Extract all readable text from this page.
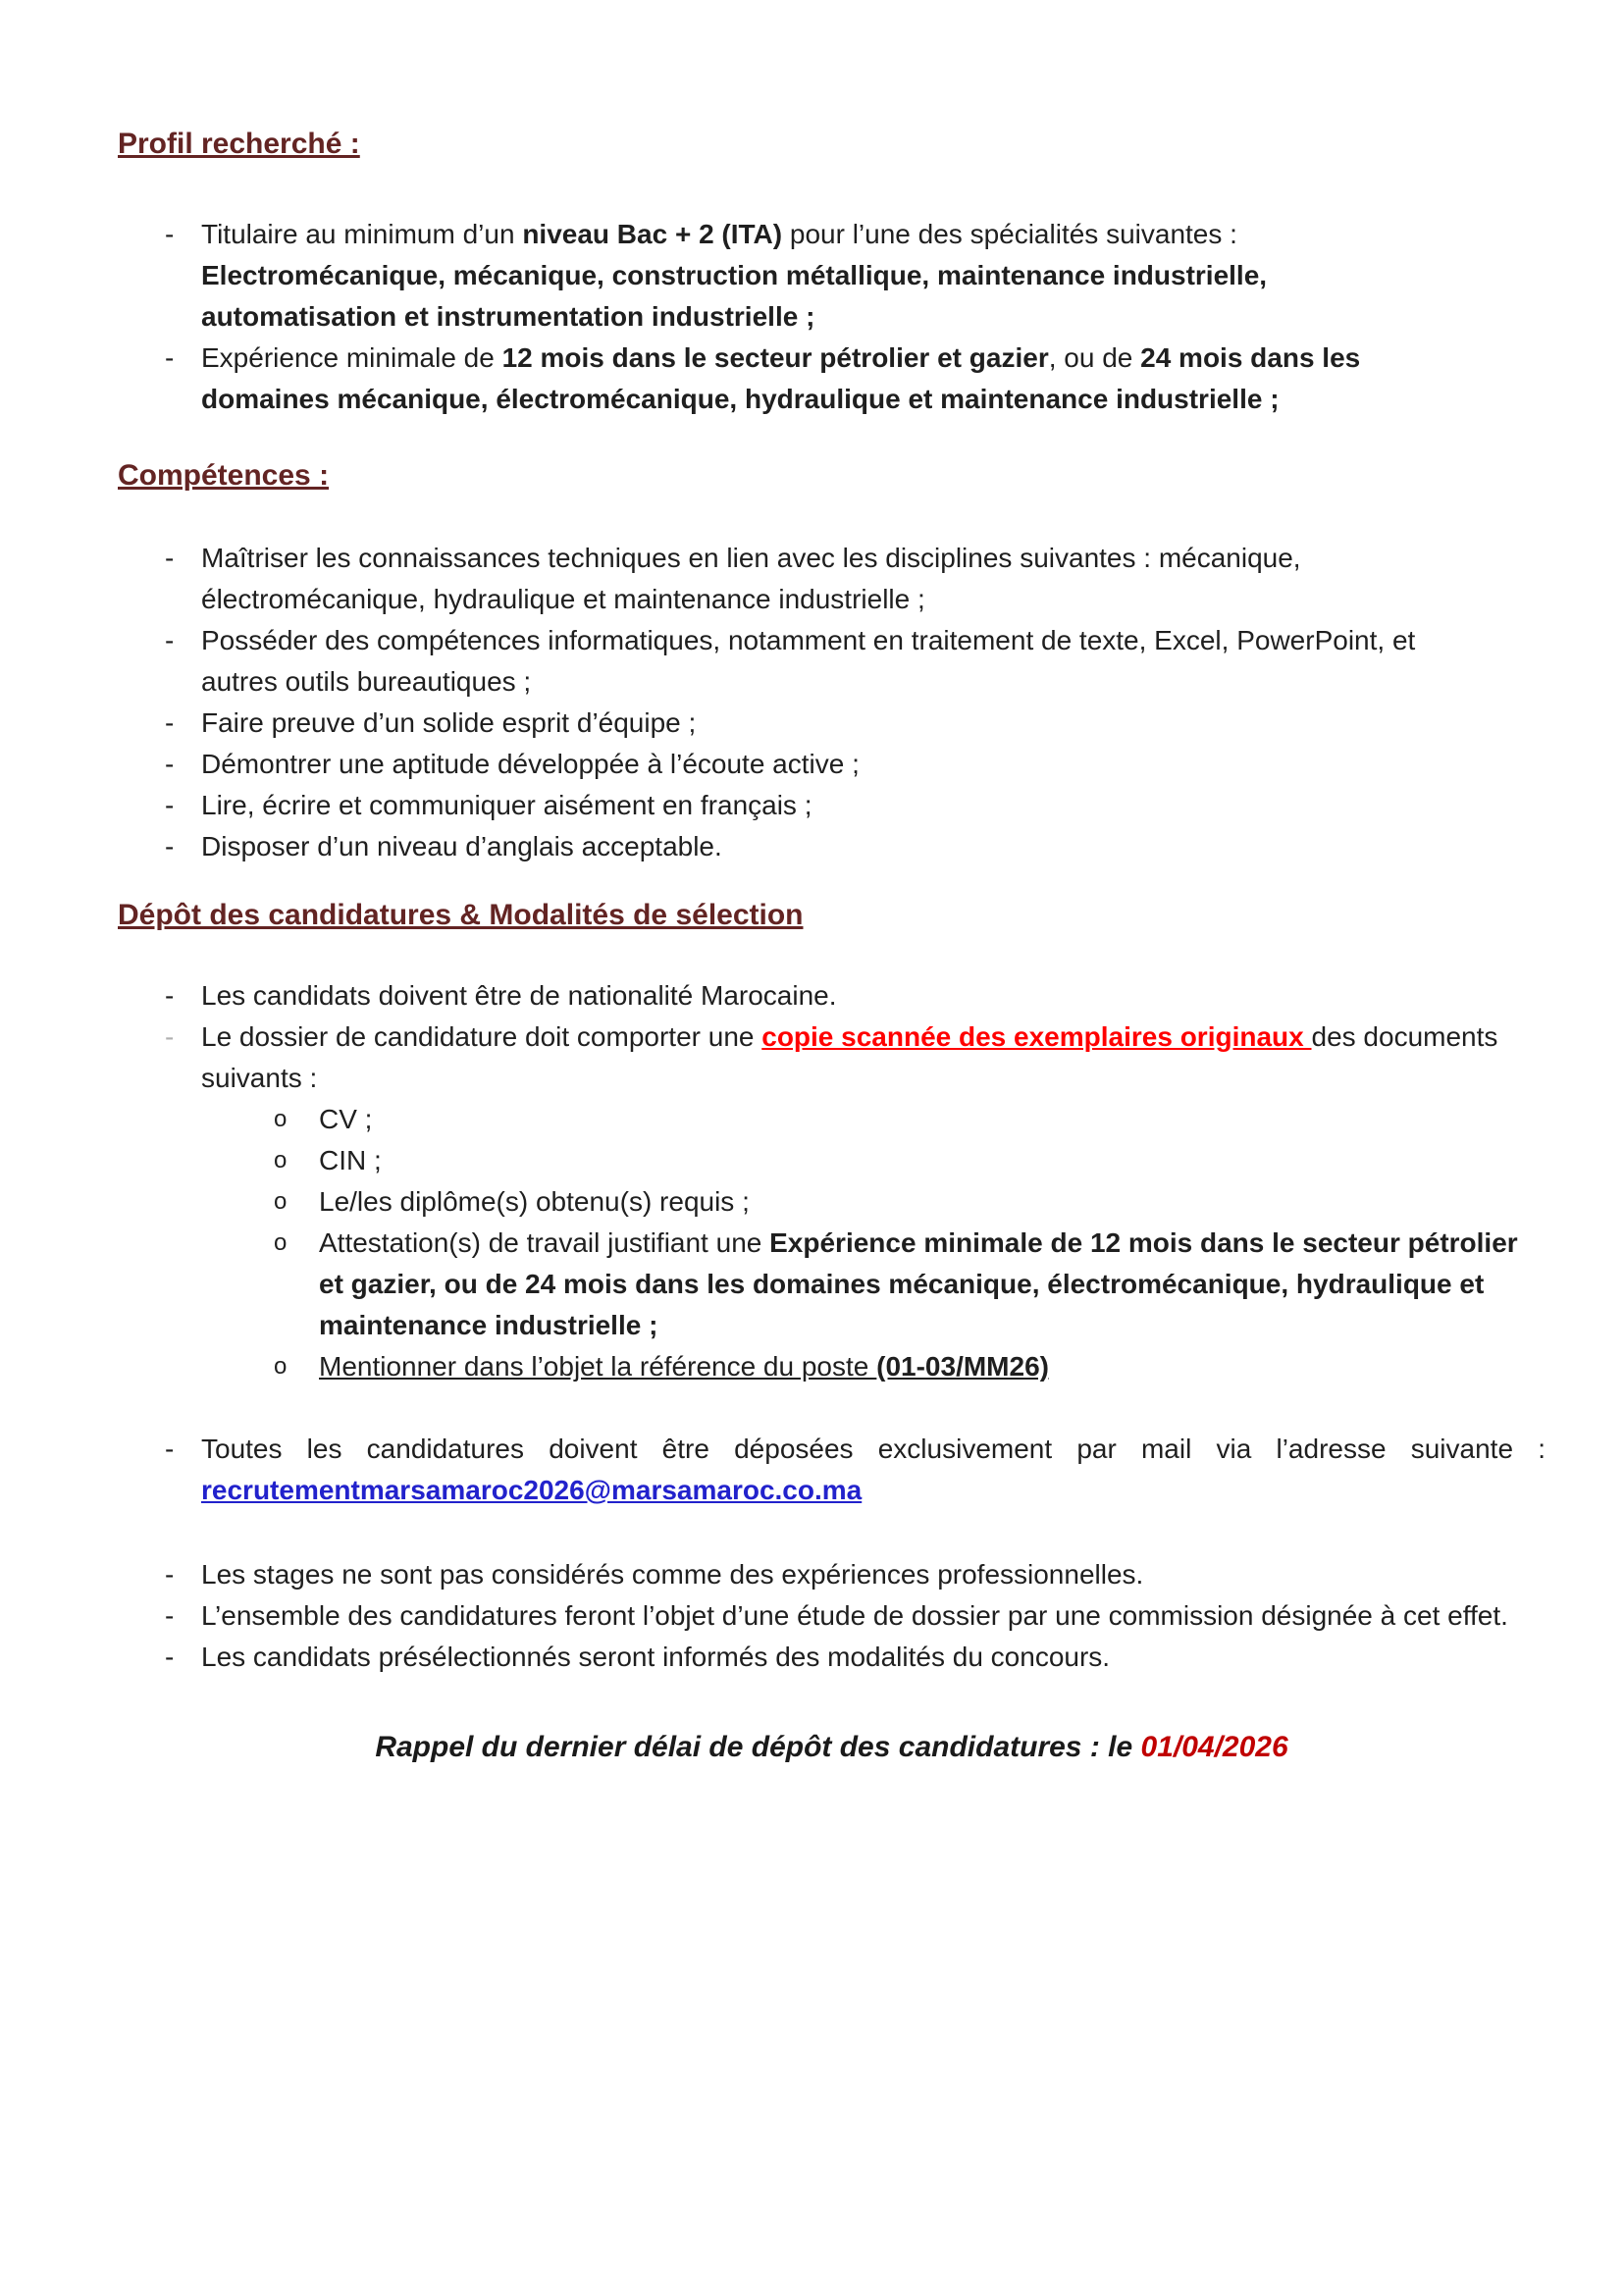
Profil recherché :
- Titulaire au minimum d’un niveau Bac + 2 (ITA) pour l’une des spécialités suivantes :
Electromécanique, mécanique, construction métallique, maintenance industrielle,
automatisation et instrumentation industrielle ;
- Expérience minimale de 12 mois dans le secteur pétrolier et gazier, ou de 24 mois dans les
domaines mécanique, électromécanique, hydraulique et maintenance industrielle ;
Compétences :
- Maîtriser les connaissances techniques en lien avec les disciplines suivantes : mécanique,
électromécanique, hydraulique et maintenance industrielle ;
- Posséder des compétences informatiques, notamment en traitement de texte, Excel, PowerPoint, et
autres outils bureautiques ;
- Faire preuve d’un solide esprit d’équipe ;
- Démontrer une aptitude développée à l’écoute active ;
- Lire, écrire et communiquer aisément en français ;
- Disposer d’un niveau d’anglais acceptable.
Dépôt des candidatures & Modalités de sélection
- Les candidats doivent être de nationalité Marocaine.
- Le dossier de candidature doit comporter une copie scannée des exemplaires originaux des documents
suivants :
o	CV ;
o	CIN ;
o	Le/les diplôme(s) obtenu(s) requis ;
o	Attestation(s) de travail justifiant une Expérience minimale de 12 mois dans le secteur pétrolier
et gazier, ou de 24 mois dans les domaines mécanique, électromécanique, hydraulique et
maintenance industrielle ;
o	Mentionner dans l’objet la référence du poste (01-03/MM26)
- Toutes les candidatures doivent être déposées exclusivement par mail via l’adresse suivante :
recrutementmarsamaroc2026@marsamaroc.co.ma
- Les stages ne sont pas considérés comme des expériences professionnelles.
- L’ensemble des candidatures feront l’objet d’une étude de dossier par une commission désignée à cet effet.
- Les candidats présélectionnés seront informés des modalités du concours.

Rappel du dernier délai de dépôt des candidatures : le 01/04/2026
